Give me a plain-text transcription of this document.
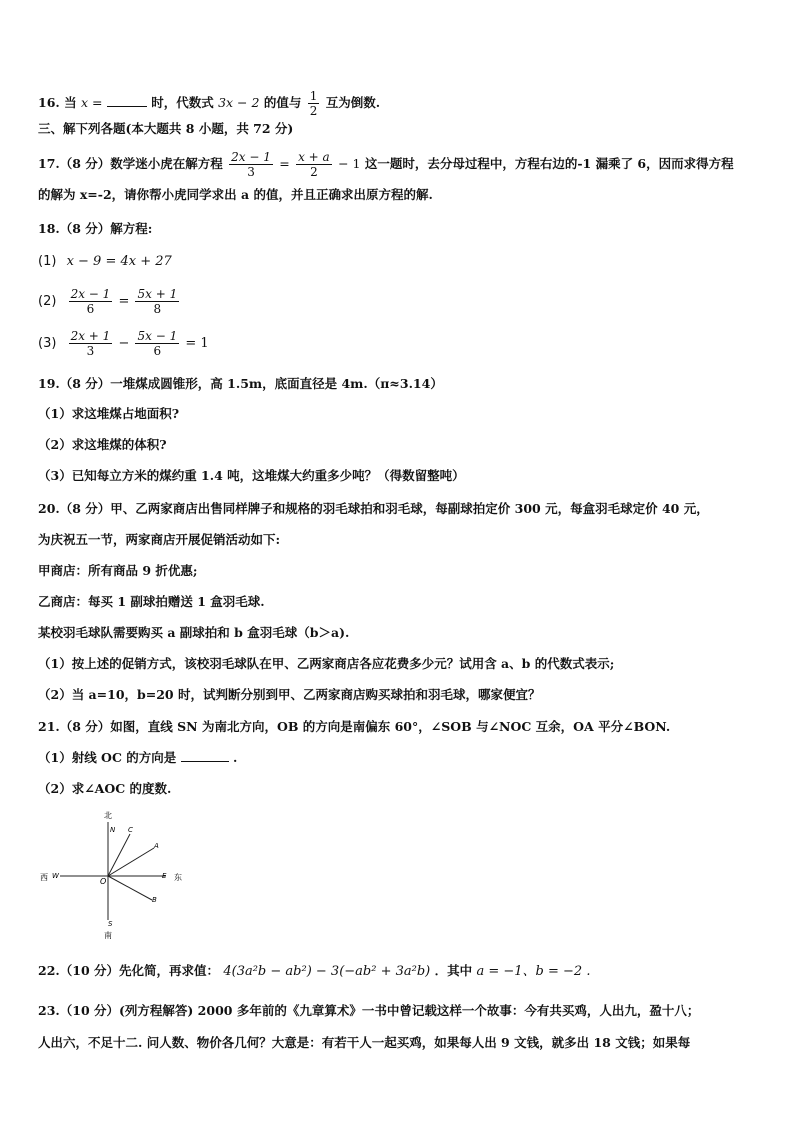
16. 当 x =	时，代数式 3x − 2 的值与 $\frac{1}{2}$ 互为倒数.
三、解下列各题(本大题共 8 小题，共 72 分)
17.（8 分）数学迷小虎在解方程 $\frac{2x - 1}{3} = \frac{x + a}{2} - 1$ 这一题时，去分母过程中，方程右边的-1 漏乘了 6，因而求得方程
的解为 x=-2，请你帮小虎同学求出 a 的值，并且正确求出原方程的解.
18.（8 分）解方程:
(1) x − 9 = 4x + 27
$(2) \frac{2x - 1}{6} = \frac{5x + 1}{8}$
$(3) \frac{2x + 1}{3} - \frac{5x - 1}{6} = 1$
19.（8 分）一堆煤成圆锥形，高 1.5m，底面直径是 4m.（π≈3.14）
（1）求这堆煤占地面积?
（2）求这堆煤的体积?
（3）已知每立方米的煤约重 1.4 吨，这堆煤大约重多少吨？（得数留整吨）
20.（8 分）甲、乙两家商店出售同样牌子和规格的羽毛球拍和羽毛球，每副球拍定价 300 元，每盒羽毛球定价 40 元，
为庆祝五一节，两家商店开展促销活动如下:
甲商店：所有商品 9 折优惠;
乙商店：每买 1 副球拍赠送 1 盒羽毛球.
某校羽毛球队需要购买 a 副球拍和 b 盒羽毛球（b＞a).
（1）按上述的促销方式，该校羽毛球队在甲、乙两家商店各应花费多少元？试用含 a、b 的代数式表示;
（2）当 a=10，b=20 时，试判断分别到甲、乙两家商店购买球拍和羽毛球，哪家便宜？
21.（8 分）如图，直线 SN 为南北方向，OB 的方向是南偏东 60°，∠SOB 与∠NOC 互余，OA 平分∠BON.
（1）射线 OC 的方向是	.
（2）求∠AOC 的度数.
北
N C
A
西 W
O
E 东
B
S
南
22.（10 分）先化简，再求值： 4(3a²b − ab²) − 3(−ab² + 3a²b) ．其中 a = −1、b = −2 .
23.（10 分）(列方程解答) 2000 多年前的《九章算术》一书中曾记载这样一个故事：今有共买鸡，人出九，盈十八；
人出六，不足十二. 问人数、物价各几何？大意是：有若干人一起买鸡，如果每人出 9 文钱，就多出 18 文钱；如果每
